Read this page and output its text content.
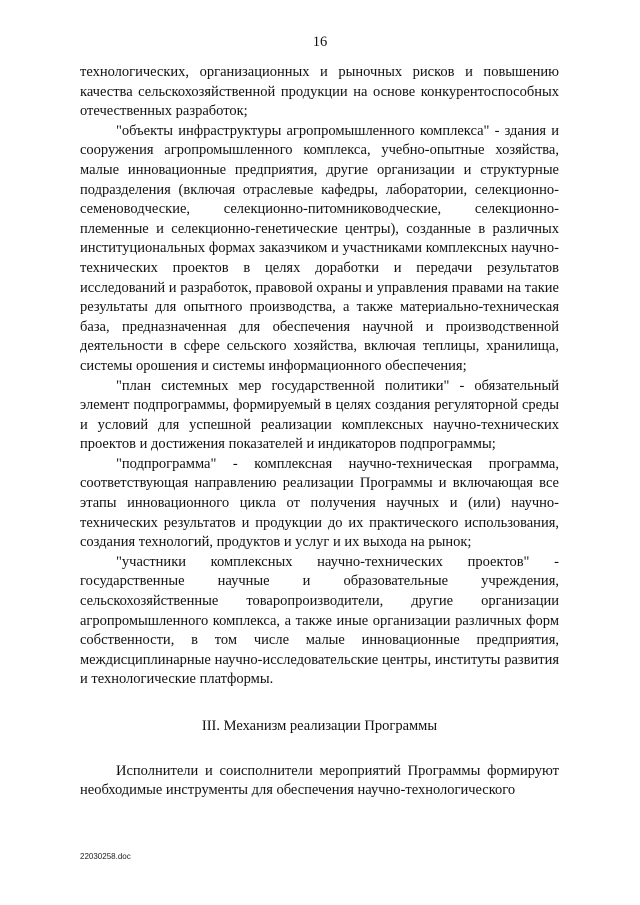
16

технологических, организационных и рыночных рисков и повышению качества сельскохозяйственной продукции на основе конкурентоспособных отечественных разработок;

"объекты инфраструктуры агропромышленного комплекса" - здания и сооружения агропромышленного комплекса, учебно-опытные хозяйства, малые инновационные предприятия, другие организации и структурные подразделения (включая отраслевые кафедры, лаборатории, селекционно-семеноводческие, селекционно-питомниководческие, селекционно-племенные и селекционно-генетические центры), созданные в различных институциональных формах заказчиком и участниками комплексных научно-технических проектов в целях доработки и передачи результатов исследований и разработок, правовой охраны и управления правами на такие результаты для опытного производства, а также материально-техническая база, предназначенная для обеспечения научной и производственной деятельности в сфере сельского хозяйства, включая теплицы, хранилища, системы орошения и системы информационного обеспечения;

"план системных мер государственной политики" - обязательный элемент подпрограммы, формируемый в целях создания регуляторной среды и условий для успешной реализации комплексных научно-технических проектов и достижения показателей и индикаторов подпрограммы;

"подпрограмма" - комплексная научно-техническая программа, соответствующая направлению реализации Программы и включающая все этапы инновационного цикла от получения научных и (или) научно-технических результатов и продукции до их практического использования, создания технологий, продуктов и услуг и их выхода на рынок;

"участники комплексных научно-технических проектов" - государственные научные и образовательные учреждения, сельскохозяйственные товаропроизводители, другие организации агропромышленного комплекса, а также иные организации различных форм собственности, в том числе малые инновационные предприятия, междисциплинарные научно-исследовательские центры, институты развития и технологические платформы.

III. Механизм реализации Программы

Исполнители и соисполнители мероприятий Программы формируют необходимые инструменты для обеспечения научно-технологического

22030258.doc
